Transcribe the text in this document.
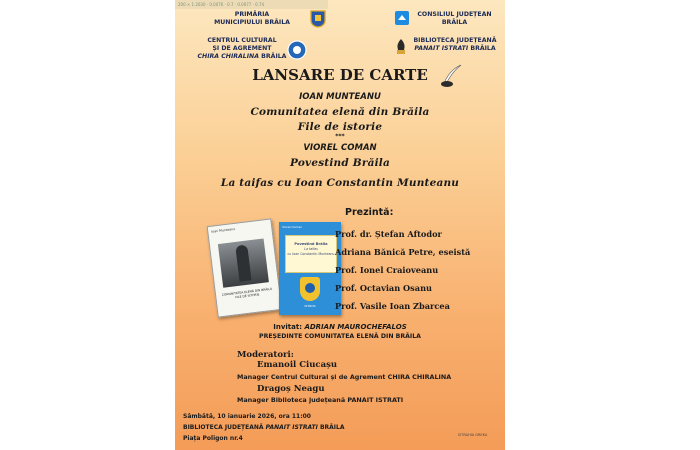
200 × 1.2030 · 0.0076 · 0.7 · 0.0077 · 0.74
PRIMĂRIA
MUNICIPIULUI BRĂILA
CONSILIUL JUDEȚEAN
BRĂILA
CENTRUL CULTURAL
ȘI DE AGREMENT
CHIRA CHIRALINA BRĂILA
BIBLIOTECA JUDEȚEANĂ
PANAIT ISTRATI BRĂILA
LANSARE DE CARTE
IOAN MUNTEANU
Comunitatea elenă din Brăila
File de istorie
***
VIOREL COMAN
Povestind Brăila
La taifas cu Ioan Constantin Munteanu
Ioan Munteanu
COMUNITATEA ELENĂ DIN BRĂILA FILE DE ISTORIE
Viorel Coman
Povestind Brăila
La taifas
cu Ioan Constantin Munteanu
ISTROS
Prezintă:
Prof. dr. Ștefan Aftodor
Adriana Bănică Petre, eseistă
Prof. Ionel Craioveanu
Prof. Octavian Osanu
Prof. Vasile Ioan Zbarcea
Invitat: ADRIAN MAUROCHEFALOS
PREȘEDINTE COMUNITATEA ELENĂ DIN BRĂILA
Moderatori:
Emanoil Ciucașu
Manager Centrul Cultural și de Agrement CHIRA CHIRALINA
Dragoș Neagu
Manager Biblioteca județeană PANAIT ISTRATI
Sâmbătă, 10 ianuarie 2026, ora 11:00
BIBLIOTECA JUDEȚEANĂ PANAIT ISTRATI BRĂILA
Piața Poligon nr.4	ISTRAHIA GREKA
